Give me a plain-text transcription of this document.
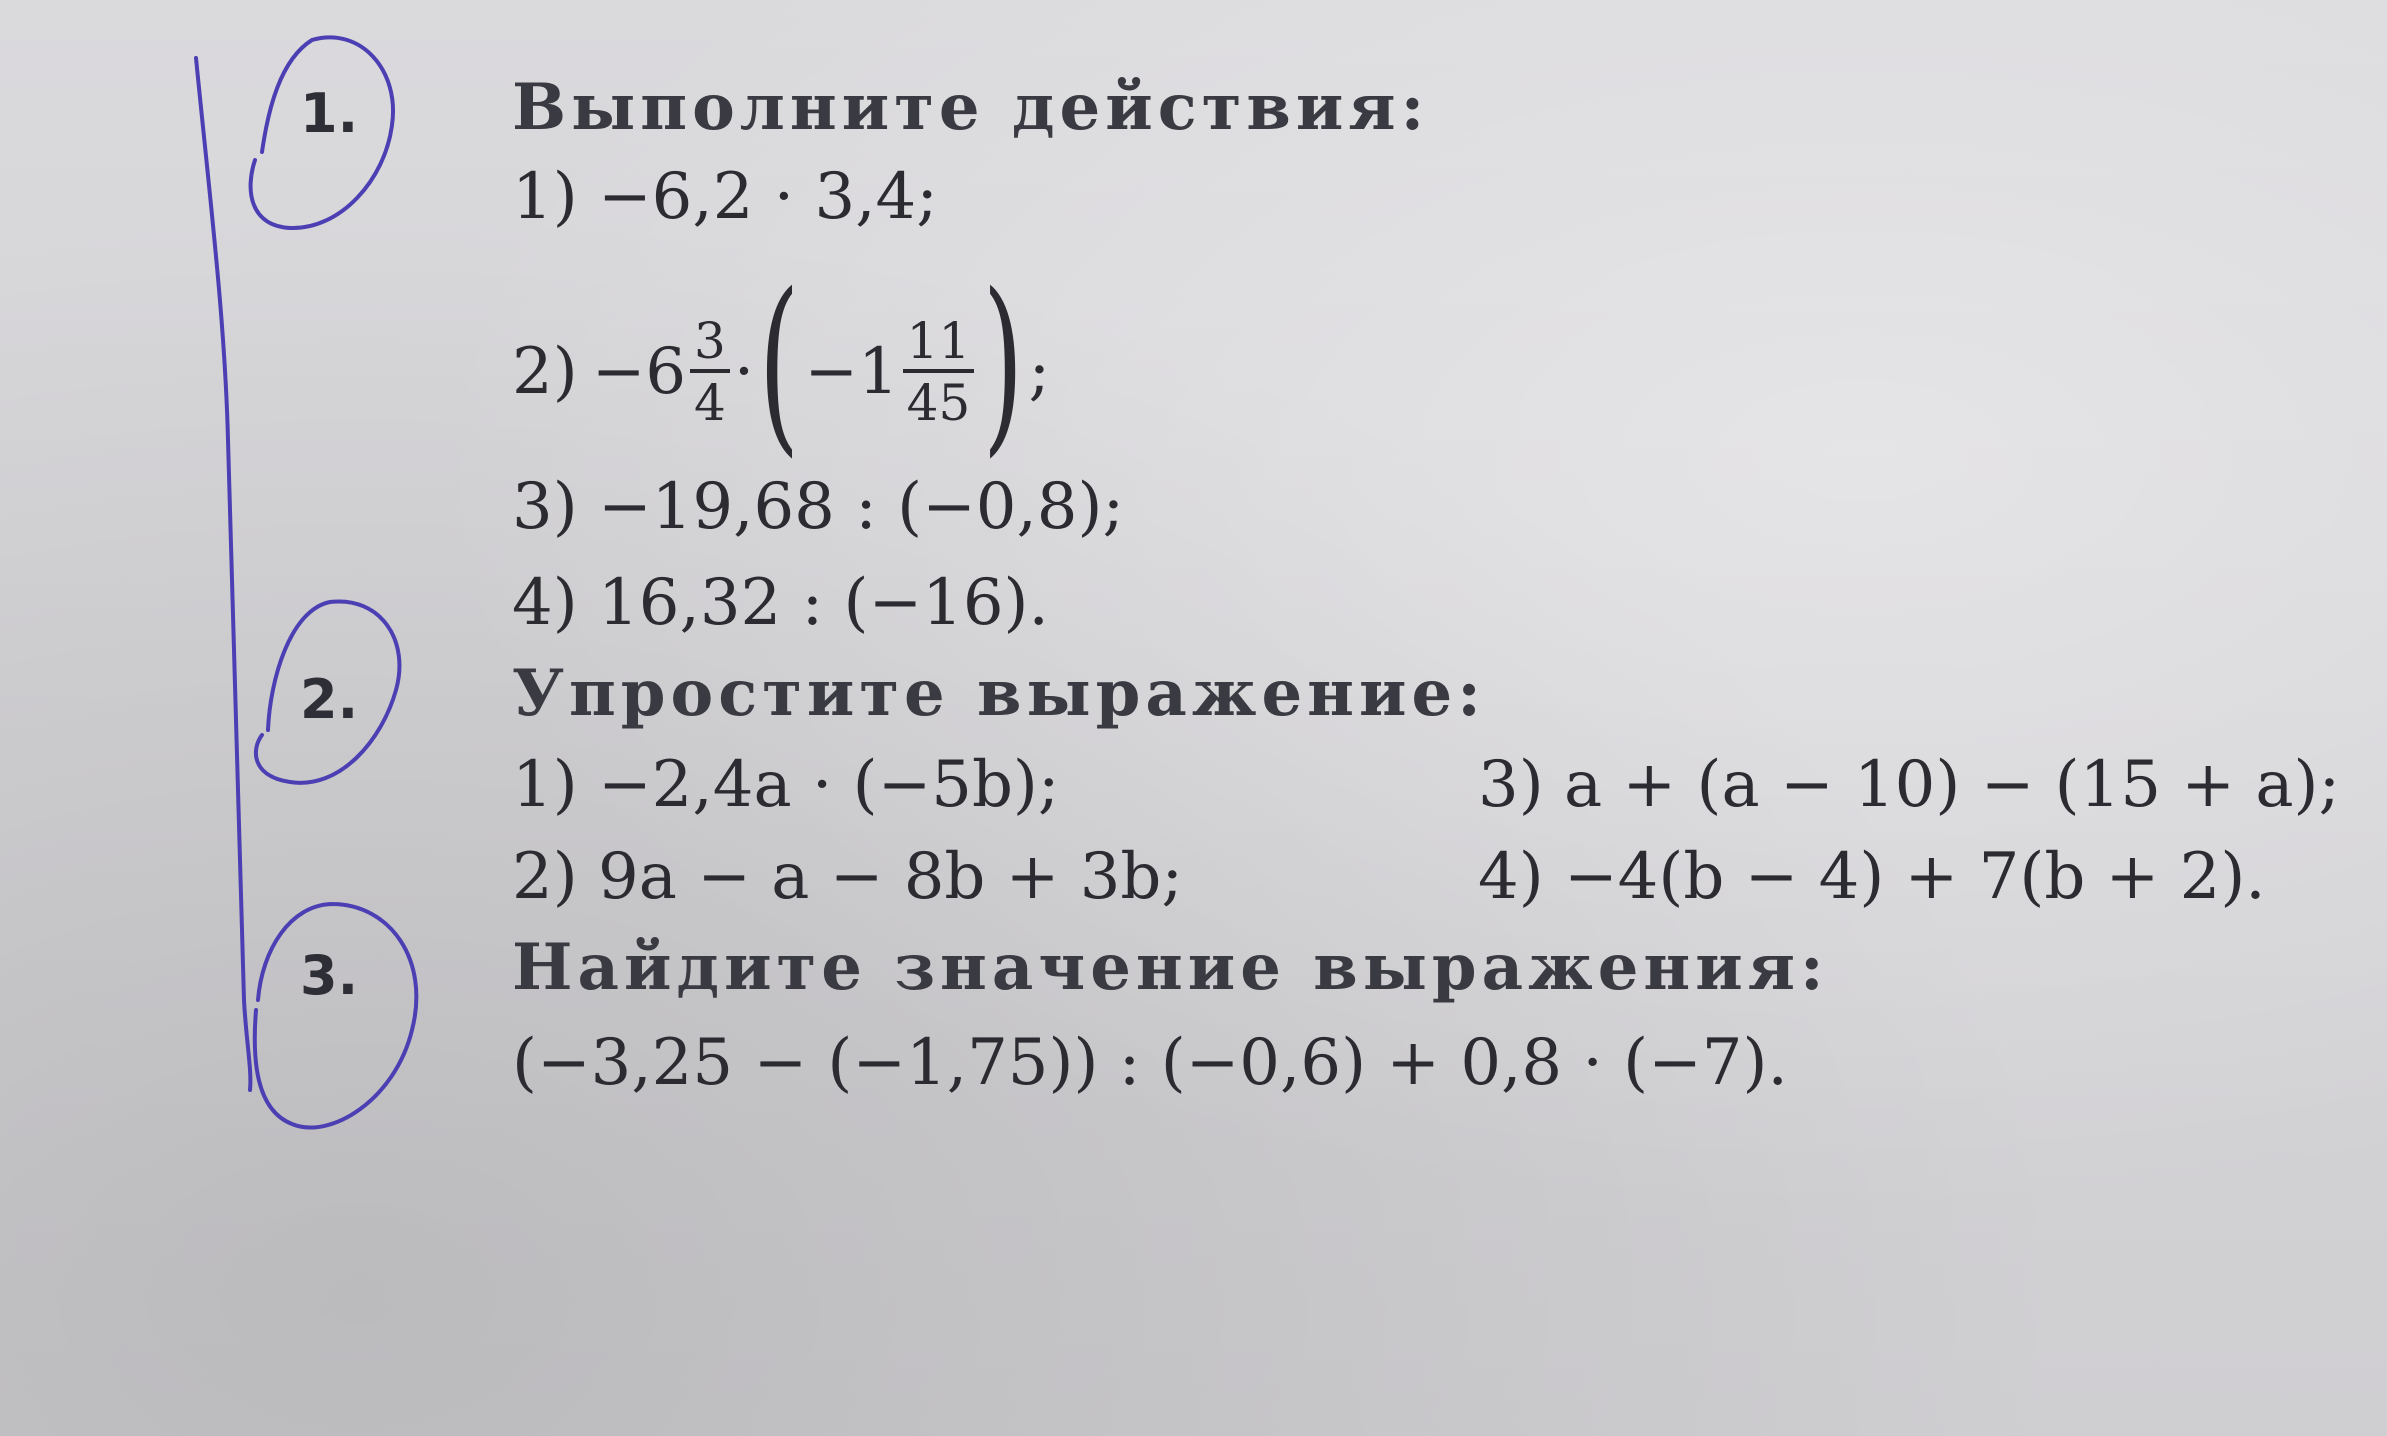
1. Выполните действия:
1) −6,2 · 3,4;
$2) -6 \frac{3}{4}$ · ( $-1 \frac{11}{45}$ ) ;
3) −19,68 : (−0,8);
4) 16,32 : (−16).
2. Упростите выражение:
1) −2,4a · (−5b);
2) 9a − a − 8b + 3b;
3) a + (a − 10) − (15 + a);
4) −4(b − 4) + 7(b + 2).
3. Найдите значение выражения:
(−3,25 − (−1,75)) : (−0,6) + 0,8 · (−7).
